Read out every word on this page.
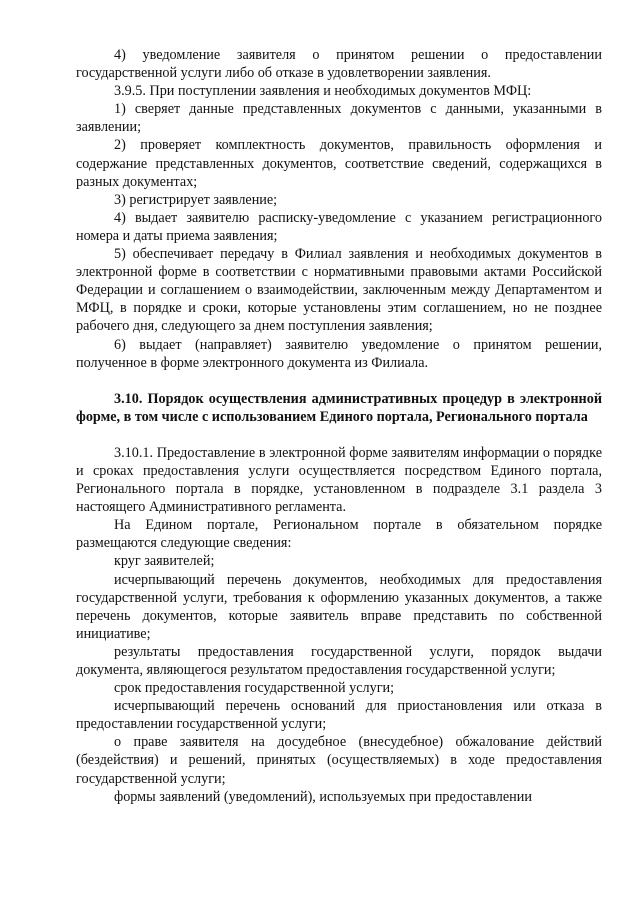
4) уведомление заявителя о принятом решении о предоставлении государственной услуги либо об отказе в удовлетворении заявления.

3.9.5. При поступлении заявления и необходимых документов МФЦ:

1) сверяет данные представленных документов с данными, указанными в заявлении;

2) проверяет комплектность документов, правильность оформления и содержание представленных документов, соответствие сведений, содержащихся в разных документах;

3) регистрирует заявление;

4) выдает заявителю расписку-уведомление с указанием регистрационного номера и даты приема заявления;

5) обеспечивает передачу в Филиал заявления и необходимых документов в электронной форме в соответствии с нормативными правовыми актами Российской Федерации и соглашением о взаимодействии, заключенным между Департаментом и МФЦ, в порядке и сроки, которые установлены этим соглашением, но не позднее рабочего дня, следующего за днем поступления заявления;

6) выдает (направляет) заявителю уведомление о принятом решении, полученное в форме электронного документа из Филиала.

3.10. Порядок осуществления административных процедур в электронной форме, в том числе с использованием Единого портала, Регионального портала

3.10.1. Предоставление в электронной форме заявителям информации о порядке и сроках предоставления услуги осуществляется посредством Единого портала, Регионального портала в порядке, установленном в подразделе 3.1 раздела 3 настоящего Административного регламента.

На Едином портале, Региональном портале в обязательном порядке размещаются следующие сведения:

круг заявителей;

исчерпывающий перечень документов, необходимых для предоставления государственной услуги, требования к оформлению указанных документов, а также перечень документов, которые заявитель вправе представить по собственной инициативе;

результаты предоставления государственной услуги, порядок выдачи документа, являющегося результатом предоставления государственной услуги;

срок предоставления государственной услуги;

исчерпывающий перечень оснований для приостановления или отказа в предоставлении государственной услуги;

о праве заявителя на досудебное (внесудебное) обжалование действий (бездействия) и решений, принятых (осуществляемых) в ходе предоставления государственной услуги;

формы заявлений (уведомлений), используемых при предоставлении
